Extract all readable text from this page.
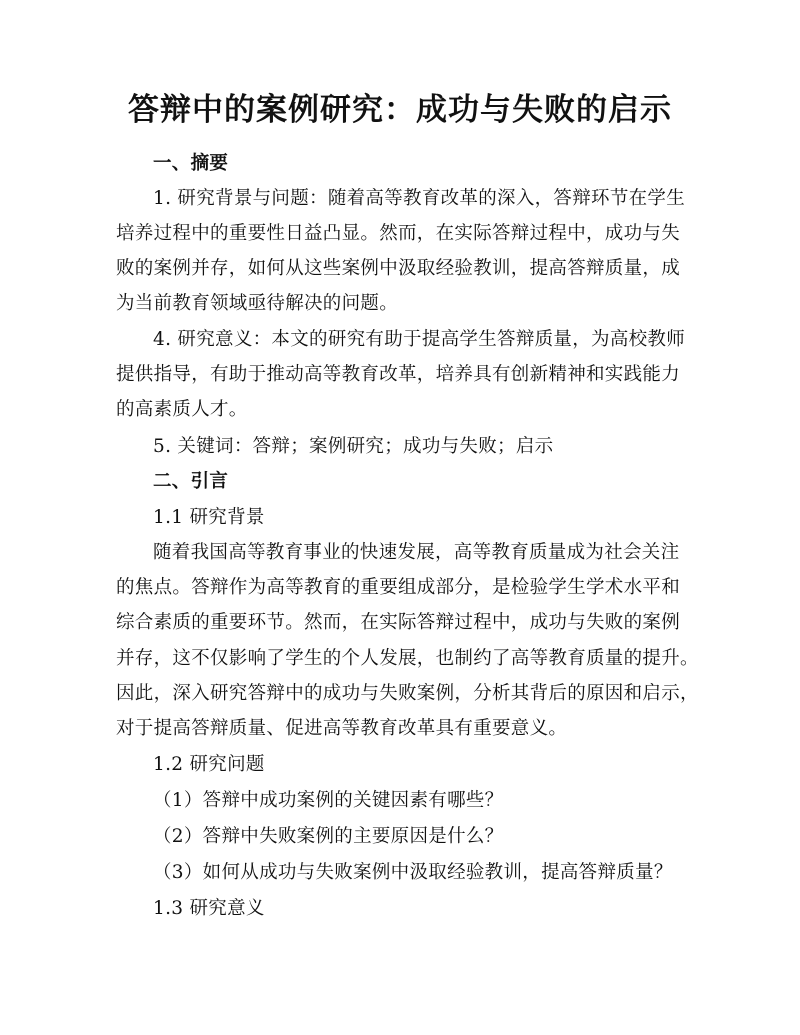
答辩中的案例研究：成功与失败的启示
一、摘要
1. 研究背景与问题：随着高等教育改革的深入，答辩环节在学生
培养过程中的重要性日益凸显。然而，在实际答辩过程中，成功与失
败的案例并存，如何从这些案例中汲取经验教训，提高答辩质量，成
为当前教育领域亟待解决的问题。
4. 研究意义：本文的研究有助于提高学生答辩质量，为高校教师
提供指导，有助于推动高等教育改革，培养具有创新精神和实践能力
的高素质人才。
5. 关键词：答辩；案例研究；成功与失败；启示
二、引言
1.1 研究背景
随着我国高等教育事业的快速发展，高等教育质量成为社会关注
的焦点。答辩作为高等教育的重要组成部分，是检验学生学术水平和
综合素质的重要环节。然而，在实际答辩过程中，成功与失败的案例
并存，这不仅影响了学生的个人发展，也制约了高等教育质量的提升。
因此，深入研究答辩中的成功与失败案例，分析其背后的原因和启示，
对于提高答辩质量、促进高等教育改革具有重要意义。
1.2 研究问题
（1）答辩中成功案例的关键因素有哪些？
（2）答辩中失败案例的主要原因是什么？
（3）如何从成功与失败案例中汲取经验教训，提高答辩质量？
1.3 研究意义
